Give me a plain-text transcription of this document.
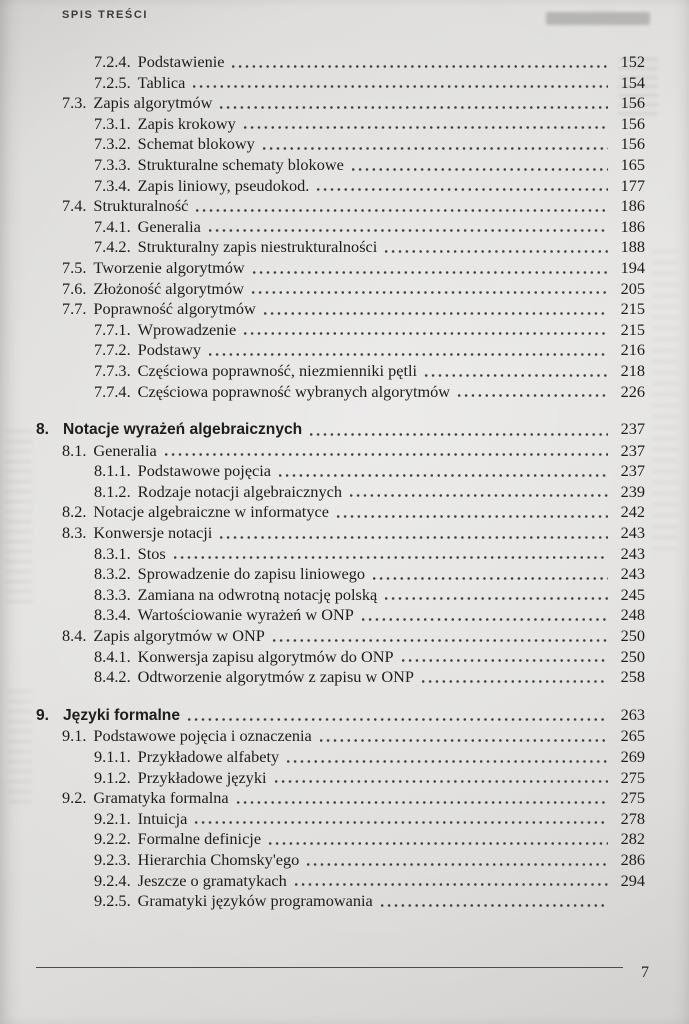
SPIS TREŚCI
7.2.4. Podstawienie	152
7.2.5. Tablica	154
7.3. Zapis algorytmów	156
7.3.1. Zapis krokowy	156
7.3.2. Schemat blokowy	156
7.3.3. Strukturalne schematy blokowe	165
7.3.4. Zapis liniowy, pseudokod.	177
7.4. Strukturalność	186
7.4.1. Generalia	186
7.4.2. Strukturalny zapis niestrukturalności	188
7.5. Tworzenie algorytmów	194
7.6. Złożoność algorytmów	205
7.7. Poprawność algorytmów	215
7.7.1. Wprowadzenie	215
7.7.2. Podstawy	216
7.7.3. Częściowa poprawność, niezmienniki pętli	218
7.7.4. Częściowa poprawność wybranych algorytmów	226
8. Notacje wyrażeń algebraicznych	237
8.1. Generalia	237
8.1.1. Podstawowe pojęcia	237
8.1.2. Rodzaje notacji algebraicznych	239
8.2. Notacje algebraiczne w informatyce	242
8.3. Konwersje notacji	243
8.3.1. Stos	243
8.3.2. Sprowadzenie do zapisu liniowego	243
8.3.3. Zamiana na odwrotną notację polską	245
8.3.4. Wartościowanie wyrażeń w ONP	248
8.4. Zapis algorytmów w ONP	250
8.4.1. Konwersja zapisu algorytmów do ONP	250
8.4.2. Odtworzenie algorytmów z zapisu w ONP	258
9. Języki formalne	263
9.1. Podstawowe pojęcia i oznaczenia	265
9.1.1. Przykładowe alfabety	269
9.1.2. Przykładowe języki	275
9.2. Gramatyka formalna	275
9.2.1. Intuicja	278
9.2.2. Formalne definicje	282
9.2.3. Hierarchia Chomsky'ego	286
9.2.4. Jeszcze o gramatykach	294
9.2.5. Gramatyki języków programowania
7
